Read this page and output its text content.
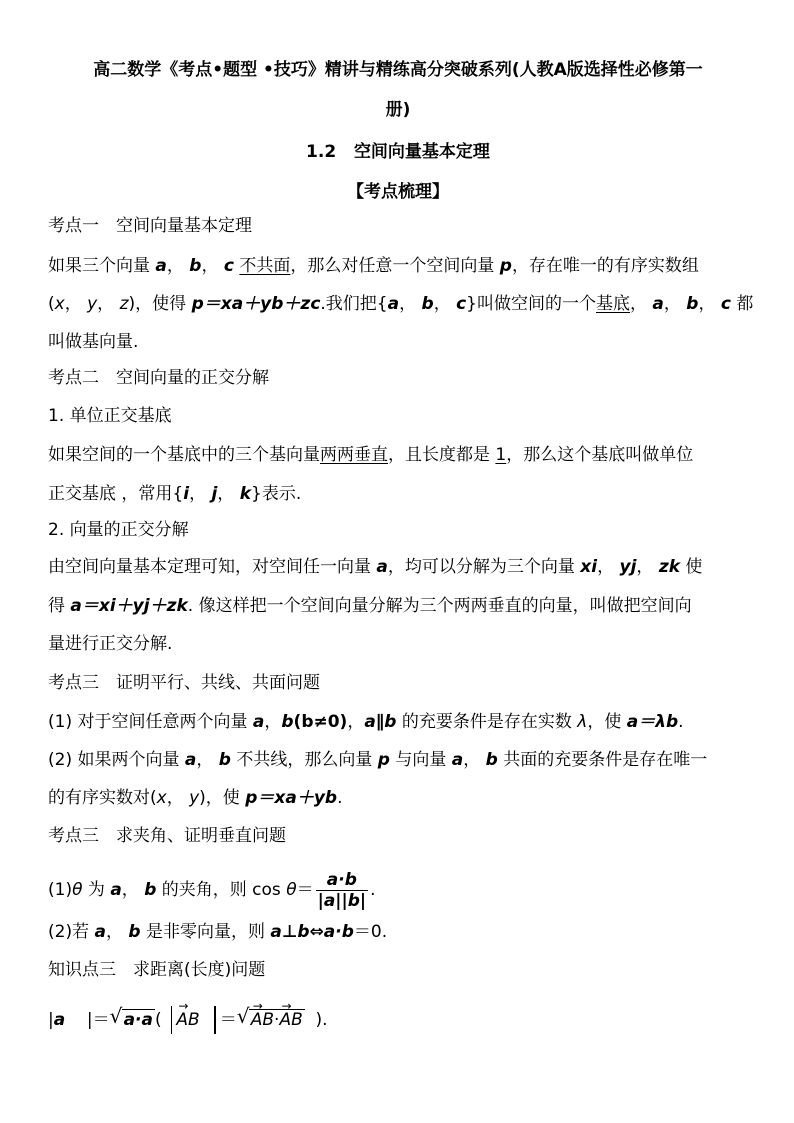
高二数学《考点•题型 •技巧》精讲与精练高分突破系列(人教A版选择性必修第一
册)
1.2 空间向量基本定理
【考点梳理】
考点一　空间向量基本定理
如果三个向量 a， b， c 不共面，那么对任意一个空间向量 p，存在唯一的有序实数组
(x， y， z)，使得 p＝xa＋yb＋zc.我们把{a， b， c}叫做空间的一个基底， a， b， c 都
叫做基向量.
考点二　空间向量的正交分解
1. 单位正交基底
如果空间的一个基底中的三个基向量两两垂直，且长度都是 1，那么这个基底叫做单位
正交基底 ，常用{i， j， k}表示.
2. 向量的正交分解
由空间向量基本定理可知，对空间任一向量 a，均可以分解为三个向量 xi， yj， zk 使
得 a＝xi＋yj＋zk. 像这样把一个空间向量分解为三个两两垂直的向量，叫做把空间向
量进行正交分解.
考点三　证明平行、共线、共面问题
(1) 对于空间任意两个向量 a，b(b≠0)，a∥b 的充要条件是存在实数 λ，使 a＝λb.
(2) 如果两个向量 a， b 不共线，那么向量 p 与向量 a， b 共面的充要条件是存在唯一
的有序实数对(x， y)，使 p＝xa＋yb.
考点三　求夹角、证明垂直问题
(1)θ 为 a， b 的夹角，则 $\cos \theta= \frac{a\cdot b}{|a||b|}$ .
(2)若 a， b 是非零向量，则 a⊥b⇔a·b＝0.
知识点三　求距离(长度)问题
|a |＝ √ a·a ( → AB ＝ √ → AB·→ AB ).
